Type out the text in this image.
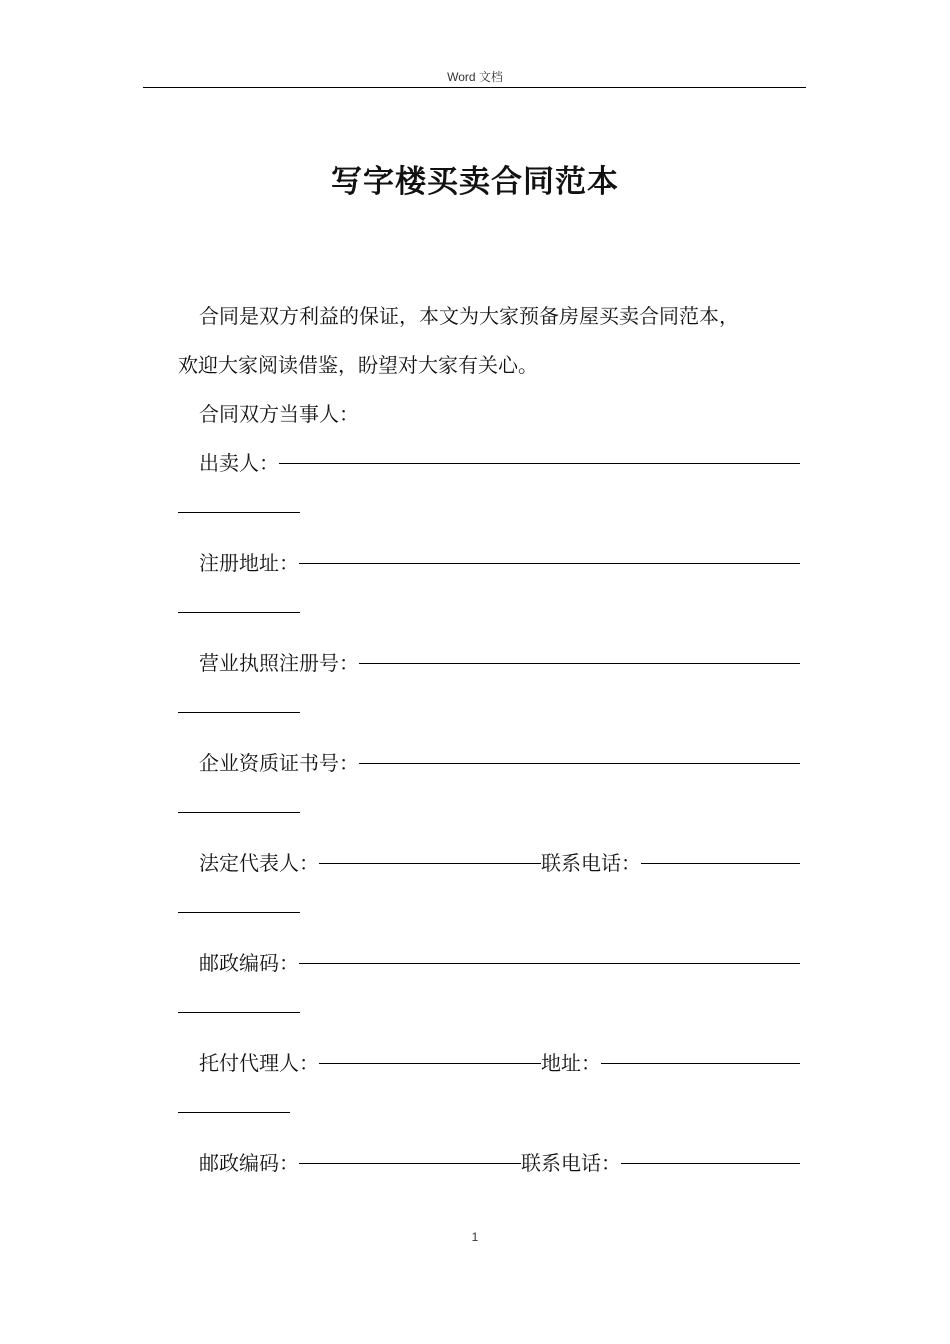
Word 文档
写字楼买卖合同范本

合同是双方利益的保证，本文为大家预备房屋买卖合同范本，

欢迎大家阅读借鉴，盼望对大家有关心。

合同双方当事人：

出卖人：
注册地址：
营业执照注册号：
企业资质证书号：
法定代表人：	联系电话：
邮政编码：
托付代理人：	地址：
邮政编码：	联系电话：
1
